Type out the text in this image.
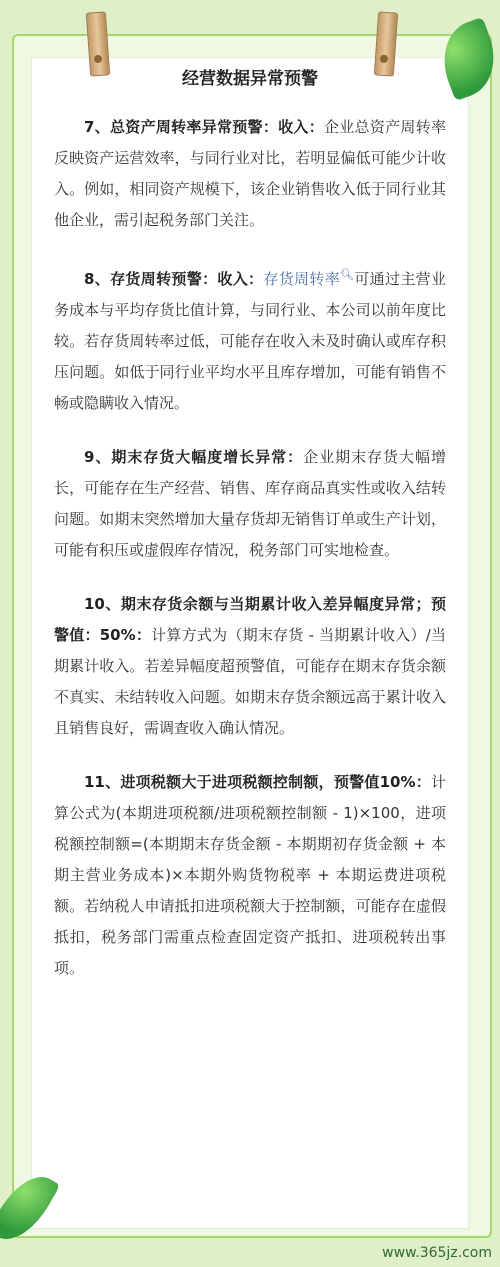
经营数据异常预警

7、总资产周转率异常预警：收入：企业总资产周转率反映资产运营效率，与同行业对比，若明显偏低可能少计收入。例如，相同资产规模下，该企业销售收入低于同行业其他企业，需引起税务部门关注。

8、存货周转预警：收入：存货周转率🔍︎可通过主营业务成本与平均存货比值计算，与同行业、本公司以前年度比较。若存货周转率过低，可能存在收入未及时确认或库存积压问题。如低于同行业平均水平且库存增加，可能有销售不畅或隐瞒收入情况。

9、期末存货大幅度增长异常：企业期末存货大幅增长，可能存在生产经营、销售、库存商品真实性或收入结转问题。如期末突然增加大量存货却无销售订单或生产计划，可能有积压或虚假库存情况，税务部门可实地检查。

10、期末存货余额与当期累计收入差异幅度异常；预警值：50%：计算方式为（期末存货 - 当期累计收入）/当期累计收入。若差异幅度超预警值，可能存在期末存货余额不真实、未结转收入问题。如期末存货余额远高于累计收入且销售良好，需调查收入确认情况。

11、进项税额大于进项税额控制额，预警值10%：计算公式为(本期进项税额/进项税额控制额 - 1)×100，进项税额控制额=(本期期末存货金额 - 本期期初存货金额 + 本期主营业务成本)×本期外购货物税率 + 本期运费进项税额。若纳税人申请抵扣进项税额大于控制额，可能存在虚假抵扣，税务部门需重点检查固定资产抵扣、进项税转出事项。

www.365jz.com
